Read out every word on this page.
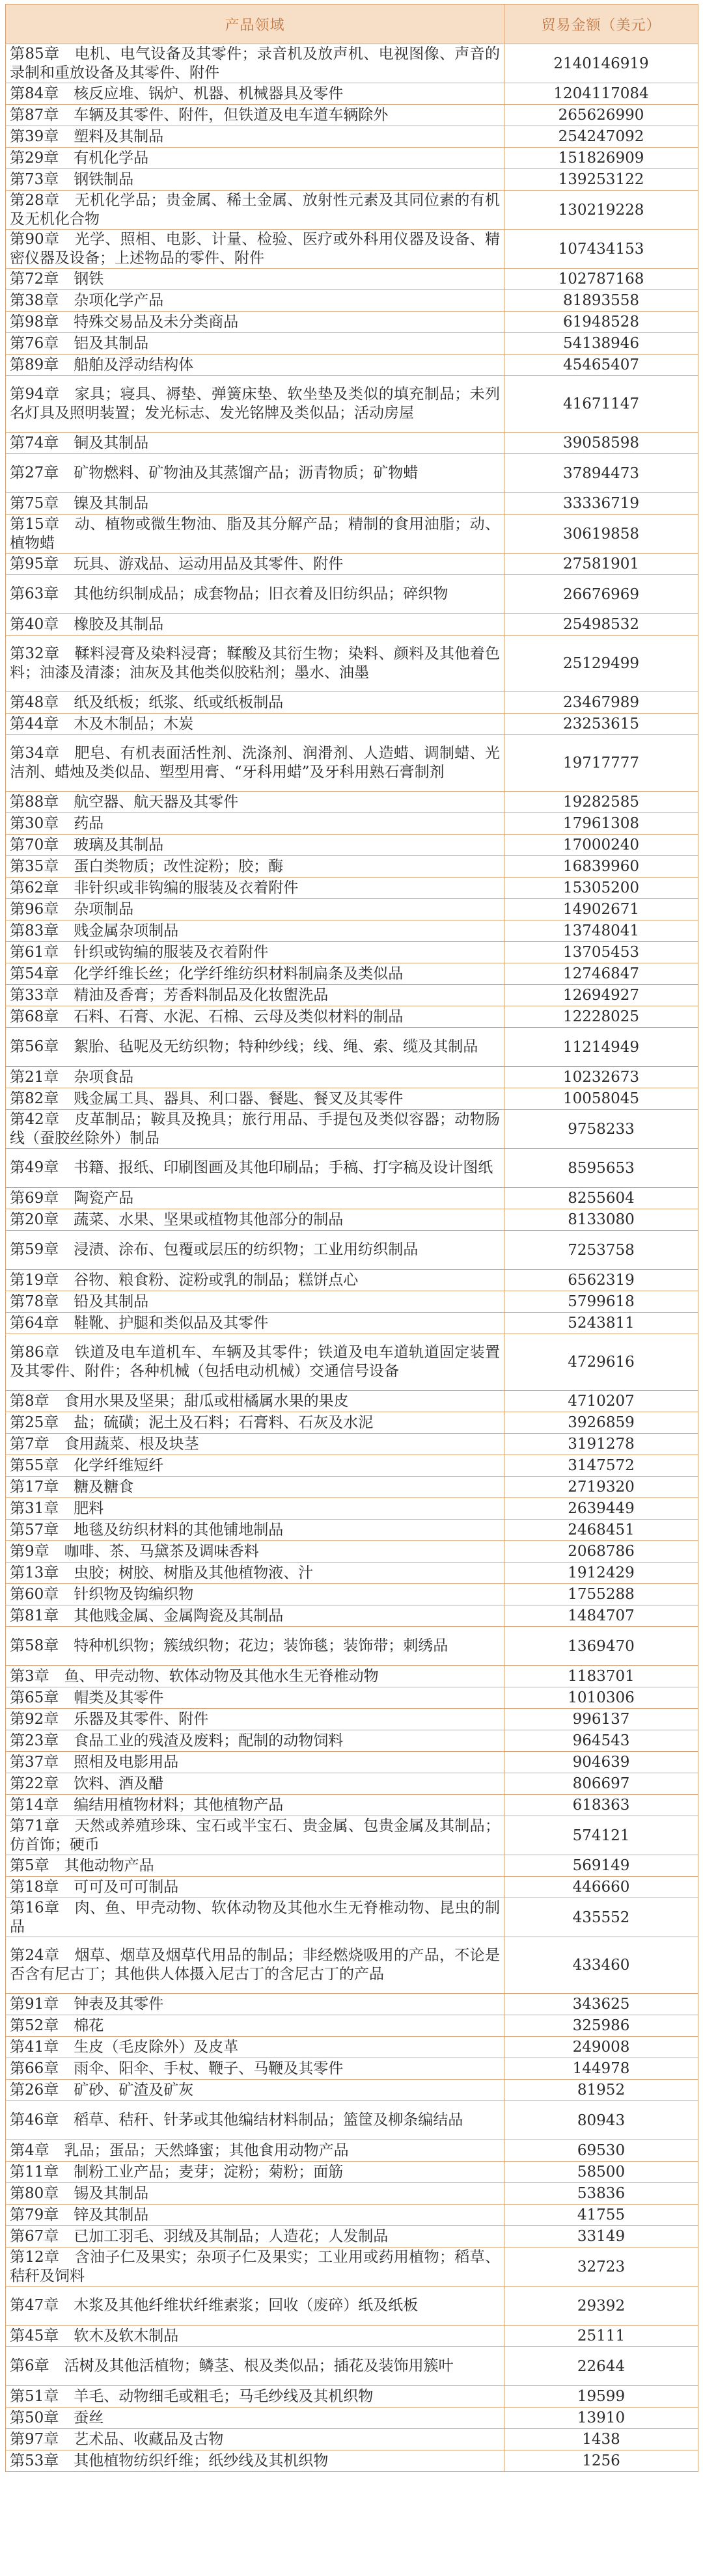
产品领域	贸易金额（美元）
第85章　电机、电气设备及其零件；录音机及放声机、电视图像、声音的录制和重放设备及其零件、附件	2140146919
第84章　核反应堆、锅炉、机器、机械器具及零件	1204117084
第87章　车辆及其零件、附件，但铁道及电车道车辆除外	265626990
第39章　塑料及其制品	254247092
第29章　有机化学品	151826909
第73章　钢铁制品	139253122
第28章　无机化学品；贵金属、稀土金属、放射性元素及其同位素的有机及无机化合物	130219228
第90章　光学、照相、电影、计量、检验、医疗或外科用仪器及设备、精密仪器及设备；上述物品的零件、附件	107434153
第72章　钢铁	102787168
第38章　杂项化学产品	81893558
第98章　特殊交易品及未分类商品	61948528
第76章　铝及其制品	54138946
第89章　船舶及浮动结构体	45465407
第94章　家具；寝具、褥垫、弹簧床垫、软坐垫及类似的填充制品；未列名灯具及照明装置；发光标志、发光铭牌及类似品；活动房屋	41671147
第74章　铜及其制品	39058598
第27章　矿物燃料、矿物油及其蒸馏产品；沥青物质；矿物蜡	37894473
第75章　镍及其制品	33336719
第15章　动、植物或微生物油、脂及其分解产品；精制的食用油脂；动、植物蜡	30619858
第95章　玩具、游戏品、运动用品及其零件、附件	27581901
第63章　其他纺织制成品；成套物品；旧衣着及旧纺织品；碎织物	26676969
第40章　橡胶及其制品	25498532
第32章　鞣料浸膏及染料浸膏；鞣酸及其衍生物；染料、颜料及其他着色料；油漆及清漆；油灰及其他类似胶粘剂；墨水、油墨	25129499
第48章　纸及纸板；纸浆、纸或纸板制品	23467989
第44章　木及木制品；木炭	23253615
第34章　肥皂、有机表面活性剂、洗涤剂、润滑剂、人造蜡、调制蜡、光洁剂、蜡烛及类似品、塑型用膏、“牙科用蜡”及牙科用熟石膏制剂	19717777
第88章　航空器、航天器及其零件	19282585
第30章　药品	17961308
第70章　玻璃及其制品	17000240
第35章　蛋白类物质；改性淀粉；胶；酶	16839960
第62章　非针织或非钩编的服装及衣着附件	15305200
第96章　杂项制品	14902671
第83章　贱金属杂项制品	13748041
第61章　针织或钩编的服装及衣着附件	13705453
第54章　化学纤维长丝；化学纤维纺织材料制扁条及类似品	12746847
第33章　精油及香膏；芳香料制品及化妆盥洗品	12694927
第68章　石料、石膏、水泥、石棉、云母及类似材料的制品	12228025
第56章　絮胎、毡呢及无纺织物；特种纱线；线、绳、索、缆及其制品	11214949
第21章　杂项食品	10232673
第82章　贱金属工具、器具、利口器、餐匙、餐叉及其零件	10058045
第42章　皮革制品；鞍具及挽具；旅行用品、手提包及类似容器；动物肠线（蚕胶丝除外）制品	9758233
第49章　书籍、报纸、印刷图画及其他印刷品；手稿、打字稿及设计图纸	8595653
第69章　陶瓷产品	8255604
第20章　蔬菜、水果、坚果或植物其他部分的制品	8133080
第59章　浸渍、涂布、包覆或层压的纺织物；工业用纺织制品	7253758
第19章　谷物、粮食粉、淀粉或乳的制品；糕饼点心	6562319
第78章　铅及其制品	5799618
第64章　鞋靴、护腿和类似品及其零件	5243811
第86章　铁道及电车道机车、车辆及其零件；铁道及电车道轨道固定装置及其零件、附件；各种机械（包括电动机械）交通信号设备	4729616
第8章　食用水果及坚果；甜瓜或柑橘属水果的果皮	4710207
第25章　盐；硫磺；泥土及石料；石膏料、石灰及水泥	3926859
第7章　食用蔬菜、根及块茎	3191278
第55章　化学纤维短纤	3147572
第17章　糖及糖食	2719320
第31章　肥料	2639449
第57章　地毯及纺织材料的其他铺地制品	2468451
第9章　咖啡、茶、马黛茶及调味香料	2068786
第13章　虫胶；树胶、树脂及其他植物液、汁	1912429
第60章　针织物及钩编织物	1755288
第81章　其他贱金属、金属陶瓷及其制品	1484707
第58章　特种机织物；簇绒织物；花边；装饰毯；装饰带；刺绣品	1369470
第3章　鱼、甲壳动物、软体动物及其他水生无脊椎动物	1183701
第65章　帽类及其零件	1010306
第92章　乐器及其零件、附件	996137
第23章　食品工业的残渣及废料；配制的动物饲料	964543
第37章　照相及电影用品	904639
第22章　饮料、酒及醋	806697
第14章　编结用植物材料；其他植物产品	618363
第71章　天然或养殖珍珠、宝石或半宝石、贵金属、包贵金属及其制品；仿首饰；硬币	574121
第5章　其他动物产品	569149
第18章　可可及可可制品	446660
第16章　肉、鱼、甲壳动物、软体动物及其他水生无脊椎动物、昆虫的制品	435552
第24章　烟草、烟草及烟草代用品的制品；非经燃烧吸用的产品，不论是否含有尼古丁；其他供人体摄入尼古丁的含尼古丁的产品	433460
第91章　钟表及其零件	343625
第52章　棉花	325986
第41章　生皮（毛皮除外）及皮革	249008
第66章　雨伞、阳伞、手杖、鞭子、马鞭及其零件	144978
第26章　矿砂、矿渣及矿灰	81952
第46章　稻草、秸秆、针茅或其他编结材料制品；篮筐及柳条编结品	80943
第4章　乳品；蛋品；天然蜂蜜；其他食用动物产品	69530
第11章　制粉工业产品；麦芽；淀粉；菊粉；面筋	58500
第80章　锡及其制品	53836
第79章　锌及其制品	41755
第67章　已加工羽毛、羽绒及其制品；人造花；人发制品	33149
第12章　含油子仁及果实；杂项子仁及果实；工业用或药用植物；稻草、秸秆及饲料	32723
第47章　木浆及其他纤维状纤维素浆；回收（废碎）纸及纸板	29392
第45章　软木及软木制品	25111
第6章　活树及其他活植物；鳞茎、根及类似品；插花及装饰用簇叶	22644
第51章　羊毛、动物细毛或粗毛；马毛纱线及其机织物	19599
第50章　蚕丝	13910
第97章　艺术品、收藏品及古物	1438
第53章　其他植物纺织纤维；纸纱线及其机织物	1256
